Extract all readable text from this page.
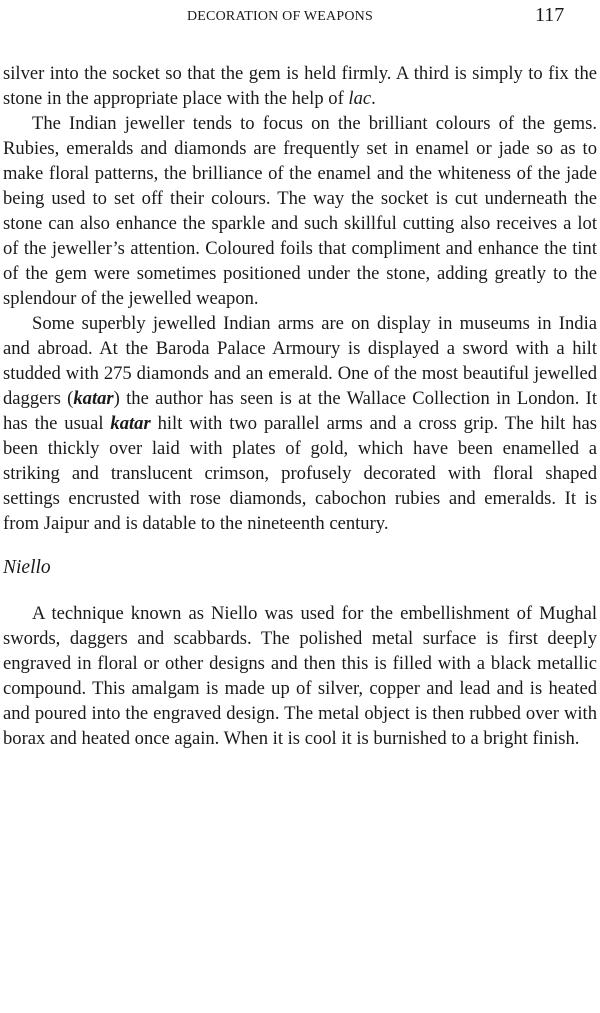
DECORATION OF WEAPONS	117

silver into the socket so that the gem is held firmly. A third is simply to fix the stone in the appropriate place with the help of lac.

The Indian jeweller tends to focus on the brilliant colours of the gems. Rubies, emeralds and diamonds are frequently set in enamel or jade so as to make floral patterns, the brilliance of the enamel and the whiteness of the jade being used to set off their colours. The way the socket is cut underneath the stone can also enhance the sparkle and such skillful cutting also receives a lot of the jeweller’s attention. Coloured foils that compliment and enhance the tint of the gem were sometimes positioned under the stone, adding greatly to the splendour of the jewelled weapon.

Some superbly jewelled Indian arms are on display in museums in India and abroad. At the Baroda Palace Armoury is displayed a sword with a hilt studded with 275 diamonds and an emerald. One of the most beautiful jewelled daggers (katar) the author has seen is at the Wallace Collection in London. It has the usual katar hilt with two parallel arms and a cross grip. The hilt has been thickly over laid with plates of gold, which have been enamelled a striking and translucent crimson, profusely decorated with floral shaped settings encrusted with rose diamonds, cabochon rubies and emeralds. It is from Jaipur and is datable to the nineteenth century.

Niello

A technique known as Niello was used for the embellishment of Mughal swords, daggers and scabbards. The polished metal surface is first deeply engraved in floral or other designs and then this is filled with a black metallic compound. This amalgam is made up of silver, copper and lead and is heated and poured into the engraved design. The metal object is then rubbed over with borax and heated once again. When it is cool it is burnished to a bright finish.
